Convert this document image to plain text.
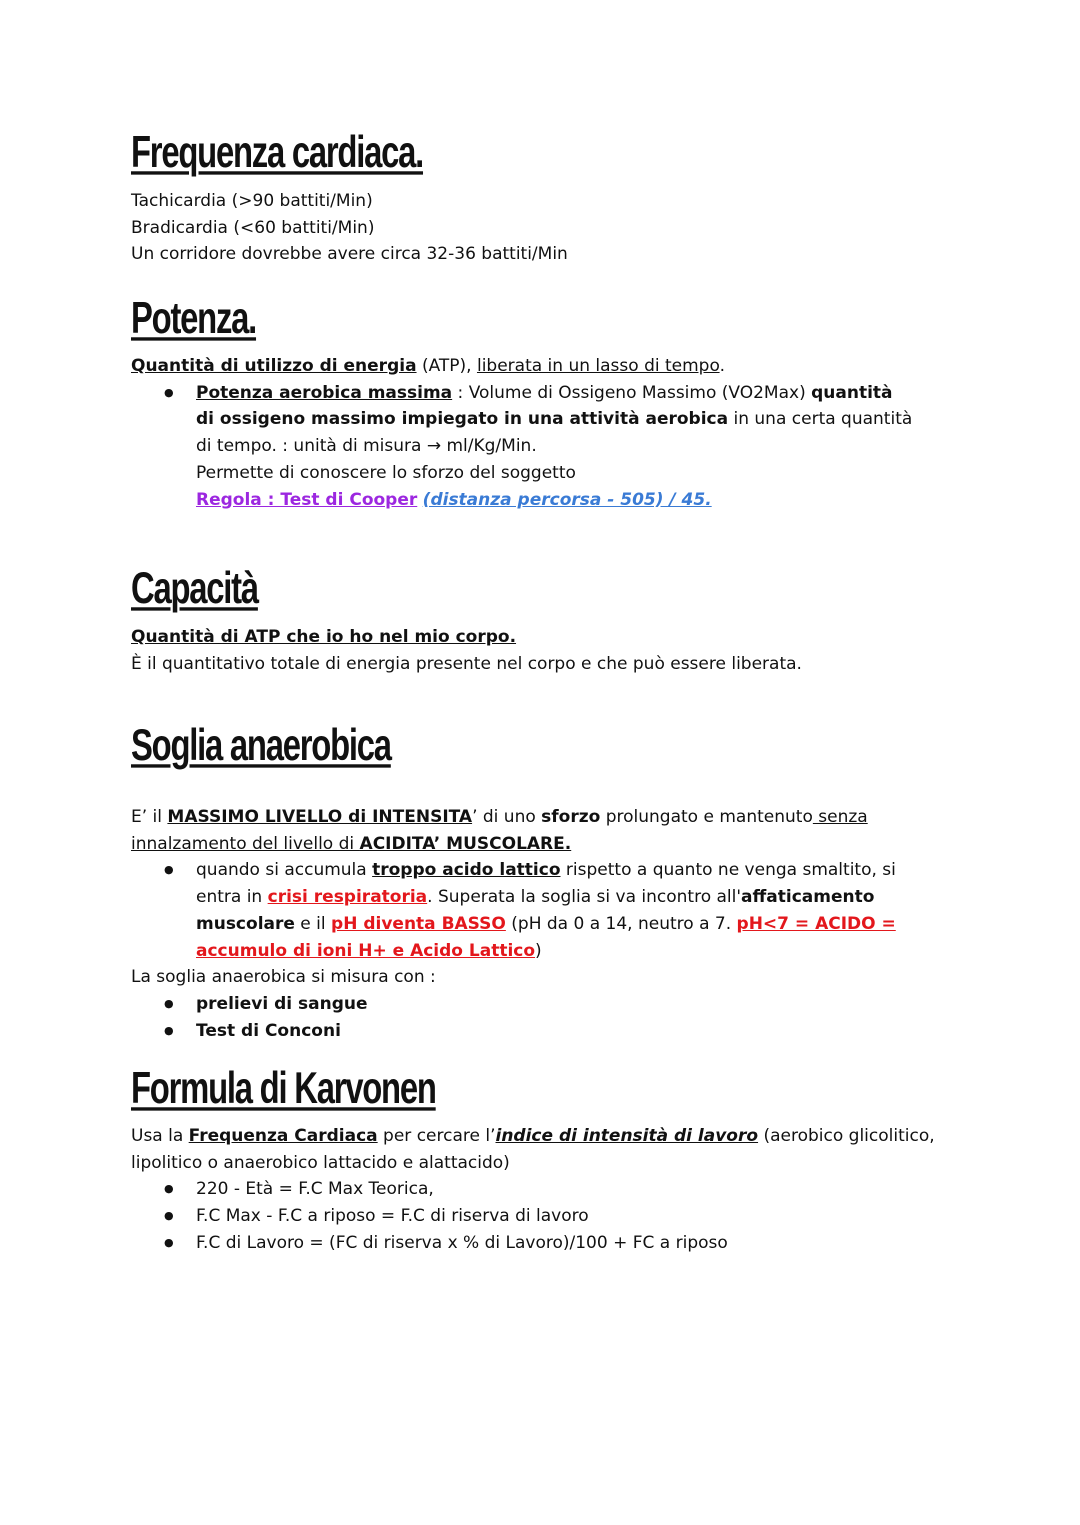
Frequenza cardiaca.
Tachicardia (>90 battiti/Min)
Bradicardia (<60 battiti/Min)
Un corridore dovrebbe avere circa 32-36 battiti/Min
Potenza.
Quantità di utilizzo di energia (ATP), liberata in un lasso di tempo.
● Potenza aerobica massima : Volume di Ossigeno Massimo (VO2Max) quantità di ossigeno massimo impiegato in una attività aerobica in una certa quantità di tempo. : unità di misura → ml/Kg/Min.
Permette di conoscere lo sforzo del soggetto
Regola : Test di Cooper (distanza percorsa - 505) / 45.
Capacità
Quantità di ATP che io ho nel mio corpo.
È il quantitativo totale di energia presente nel corpo e che può essere liberata.
Soglia anaerobica
E’ il MASSIMO LIVELLO di INTENSITA’ di uno sforzo prolungato e mantenuto senza innalzamento del livello di ACIDITA’ MUSCOLARE.
● quando si accumula troppo acido lattico rispetto a quanto ne venga smaltito, si entra in crisi respiratoria. Superata la soglia si va incontro all'affaticamento muscolare e il pH diventa BASSO (pH da 0 a 14, neutro a 7. pH<7 = ACIDO = accumulo di ioni H+ e Acido Lattico)
La soglia anaerobica si misura con :
● prelievi di sangue
● Test di Conconi
Formula di Karvonen
Usa la Frequenza Cardiaca per cercare l’indice di intensità di lavoro (aerobico glicolitico, lipolitico o anaerobico lattacido e alattacido)
● 220 - Età = F.C Max Teorica,
● F.C Max - F.C a riposo = F.C di riserva di lavoro
● F.C di Lavoro = (FC di riserva x % di Lavoro)/100 + FC a riposo
